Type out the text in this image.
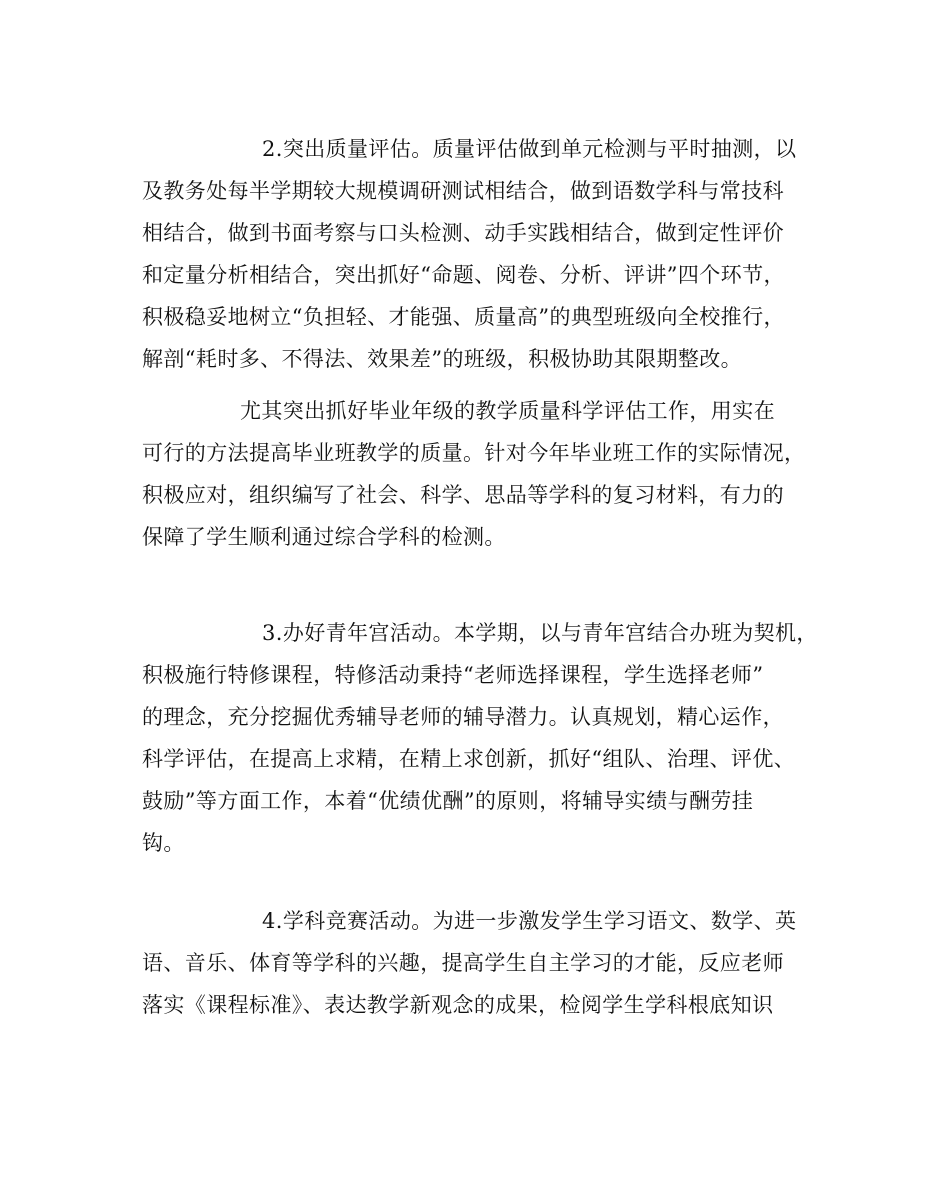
2.突出质量评估。质量评估做到单元检测与平时抽测，以
及教务处每半学期较大规模调研测试相结合，做到语数学科与常技科
相结合，做到书面考察与口头检测、动手实践相结合，做到定性评价
和定量分析相结合，突出抓好“命题、阅卷、分析、评讲”四个环节，
积极稳妥地树立“负担轻、才能强、质量高”的典型班级向全校推行，
解剖“耗时多、不得法、效果差”的班级，积极协助其限期整改。
尤其突出抓好毕业年级的教学质量科学评估工作，用实在
可行的方法提高毕业班教学的质量。针对今年毕业班工作的实际情况，
积极应对，组织编写了社会、科学、思品等学科的复习材料，有力的
保障了学生顺利通过综合学科的检测。
3.办好青年宫活动。本学期，以与青年宫结合办班为契机，
积极施行特修课程，特修活动秉持“老师选择课程，学生选择老师”
的理念，充分挖掘优秀辅导老师的辅导潜力。认真规划，精心运作，
科学评估，在提高上求精，在精上求创新，抓好“组队、治理、评优、
鼓励”等方面工作，本着“优绩优酬”的原则，将辅导实绩与酬劳挂
钩。
4.学科竞赛活动。为进一步激发学生学习语文、数学、英
语、音乐、体育等学科的兴趣，提高学生自主学习的才能，反应老师
落实《课程标准》、表达教学新观念的成果，检阅学生学科根底知识
